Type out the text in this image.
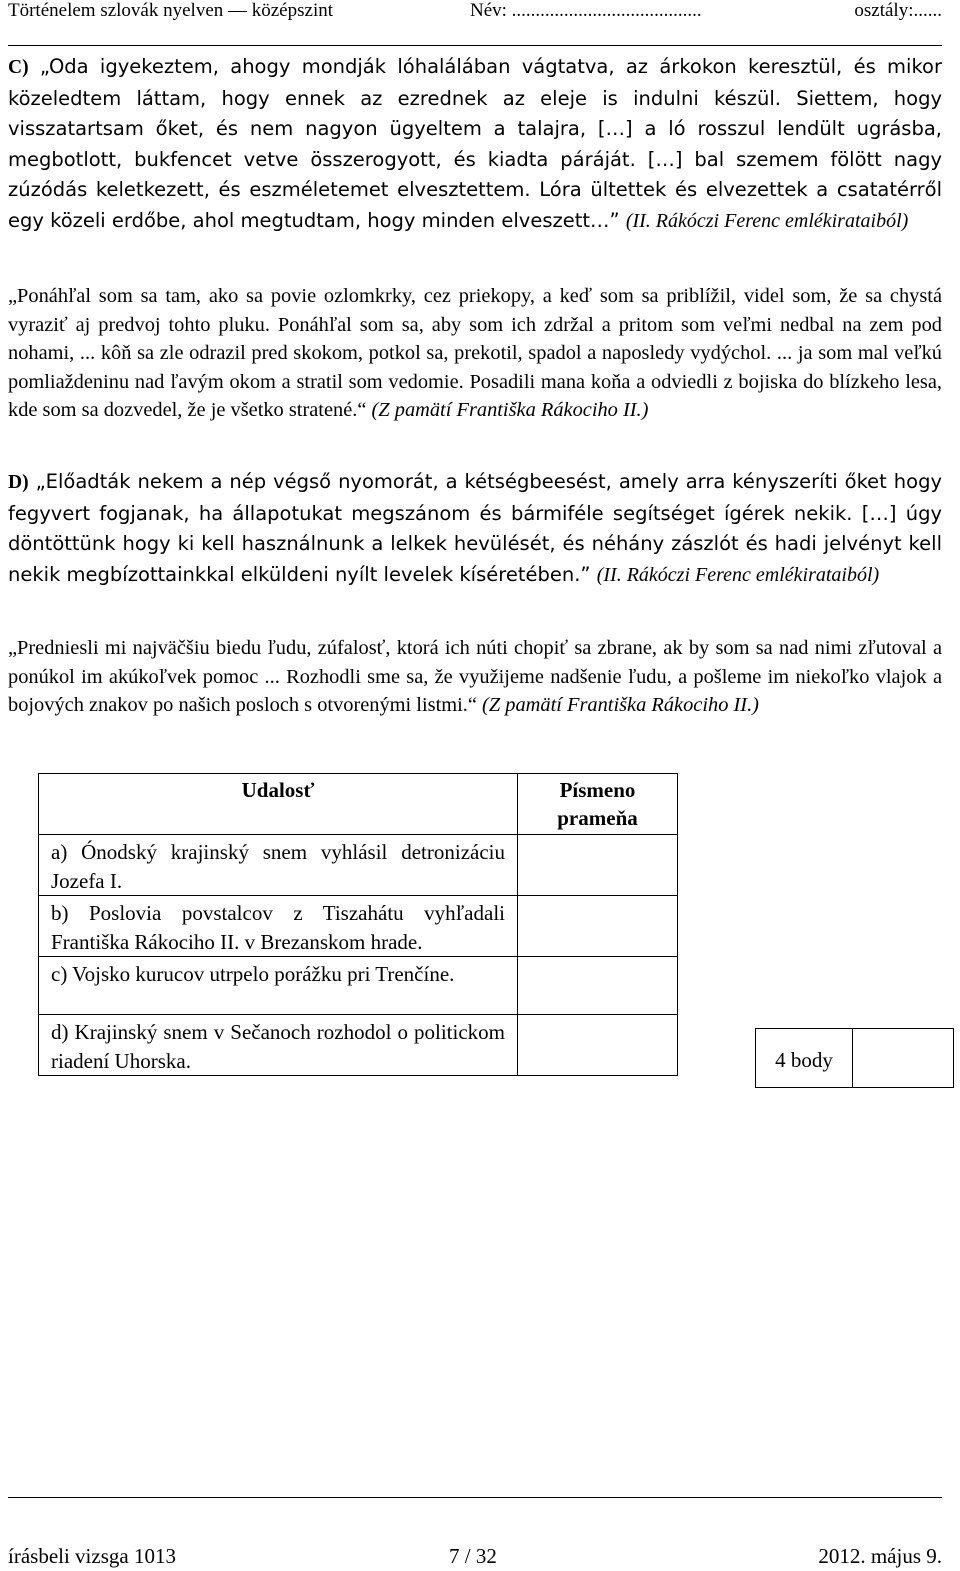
Történelem szlovák nyelven — középszint	Név: ........................................	osztály:......

C) „Oda igyekeztem, ahogy mondják lóhalálában vágtatva, az árkokon keresztül, és mikor közeledtem láttam, hogy ennek az ezrednek az eleje is indulni készül. Siettem, hogy visszatartsam őket, és nem nagyon ügyeltem a talajra, […] a ló rosszul lendült ugrásba, megbotlott, bukfencet vetve összerogyott, és kiadta páráját. […] bal szemem fölött nagy zúzódás keletkezett, és eszméletemet elvesztettem. Lóra ültettek és elvezettek a csatatérről egy közeli erdőbe, ahol megtudtam, hogy minden elveszett…” (II. Rákóczi Ferenc emlékirataiból)

„Ponáhľal som sa tam, ako sa povie ozlomkrky, cez priekopy, a keď som sa priblížil, videl som, že sa chystá vyraziť aj predvoj tohto pluku. Ponáhľal som sa, aby som ich zdržal a pritom som veľmi nedbal na zem pod nohami, ... kôň sa zle odrazil pred skokom, potkol sa, prekotil, spadol a naposledy vydýchol. ... ja som mal veľkú pomliaždeninu nad ľavým okom a stratil som vedomie. Posadili mana koňa a odviedli z bojiska do blízkeho lesa, kde som sa dozvedel, že je všetko stratené.“ (Z pamätí Františka Rákociho II.)

D) „Előadták nekem a nép végső nyomorát, a kétségbeesést, amely arra kényszeríti őket hogy fegyvert fogjanak, ha állapotukat megszánom és bármiféle segítséget ígérek nekik. […] úgy döntöttünk hogy ki kell használnunk a lelkek hevülését, és néhány zászlót és hadi jelvényt kell nekik megbízottainkkal elküldeni nyílt levelek kíséretében.” (II. Rákóczi Ferenc emlékirataiból)

„Predniesli mi najväčšiu biedu ľudu, zúfalosť, ktorá ich núti chopiť sa zbrane, ak by som sa nad nimi zľutoval a ponúkol im akúkoľvek pomoc ... Rozhodli sme sa, že využijeme nadšenie ľudu, a pošleme im niekoľko vlajok a bojových znakov po našich posloch s otvorenými listmi.“ (Z pamätí Františka Rákociho II.)

Udalosť	Písmeno prameňa
a) Ónodský krajinský snem vyhlásil detronizáciu Jozefa I.	
b) Poslovia povstalcov z Tiszahátu vyhľadali Františka Rákociho II. v Brezanskom hrade.	
c) Vojsko kurucov utrpelo porážku pri Trenčíne.	
d) Krajinský snem v Sečanoch rozhodol o politickom riadení Uhorska.		4 body
írásbeli vizsga 1013	7 / 32	2012. május 9.
